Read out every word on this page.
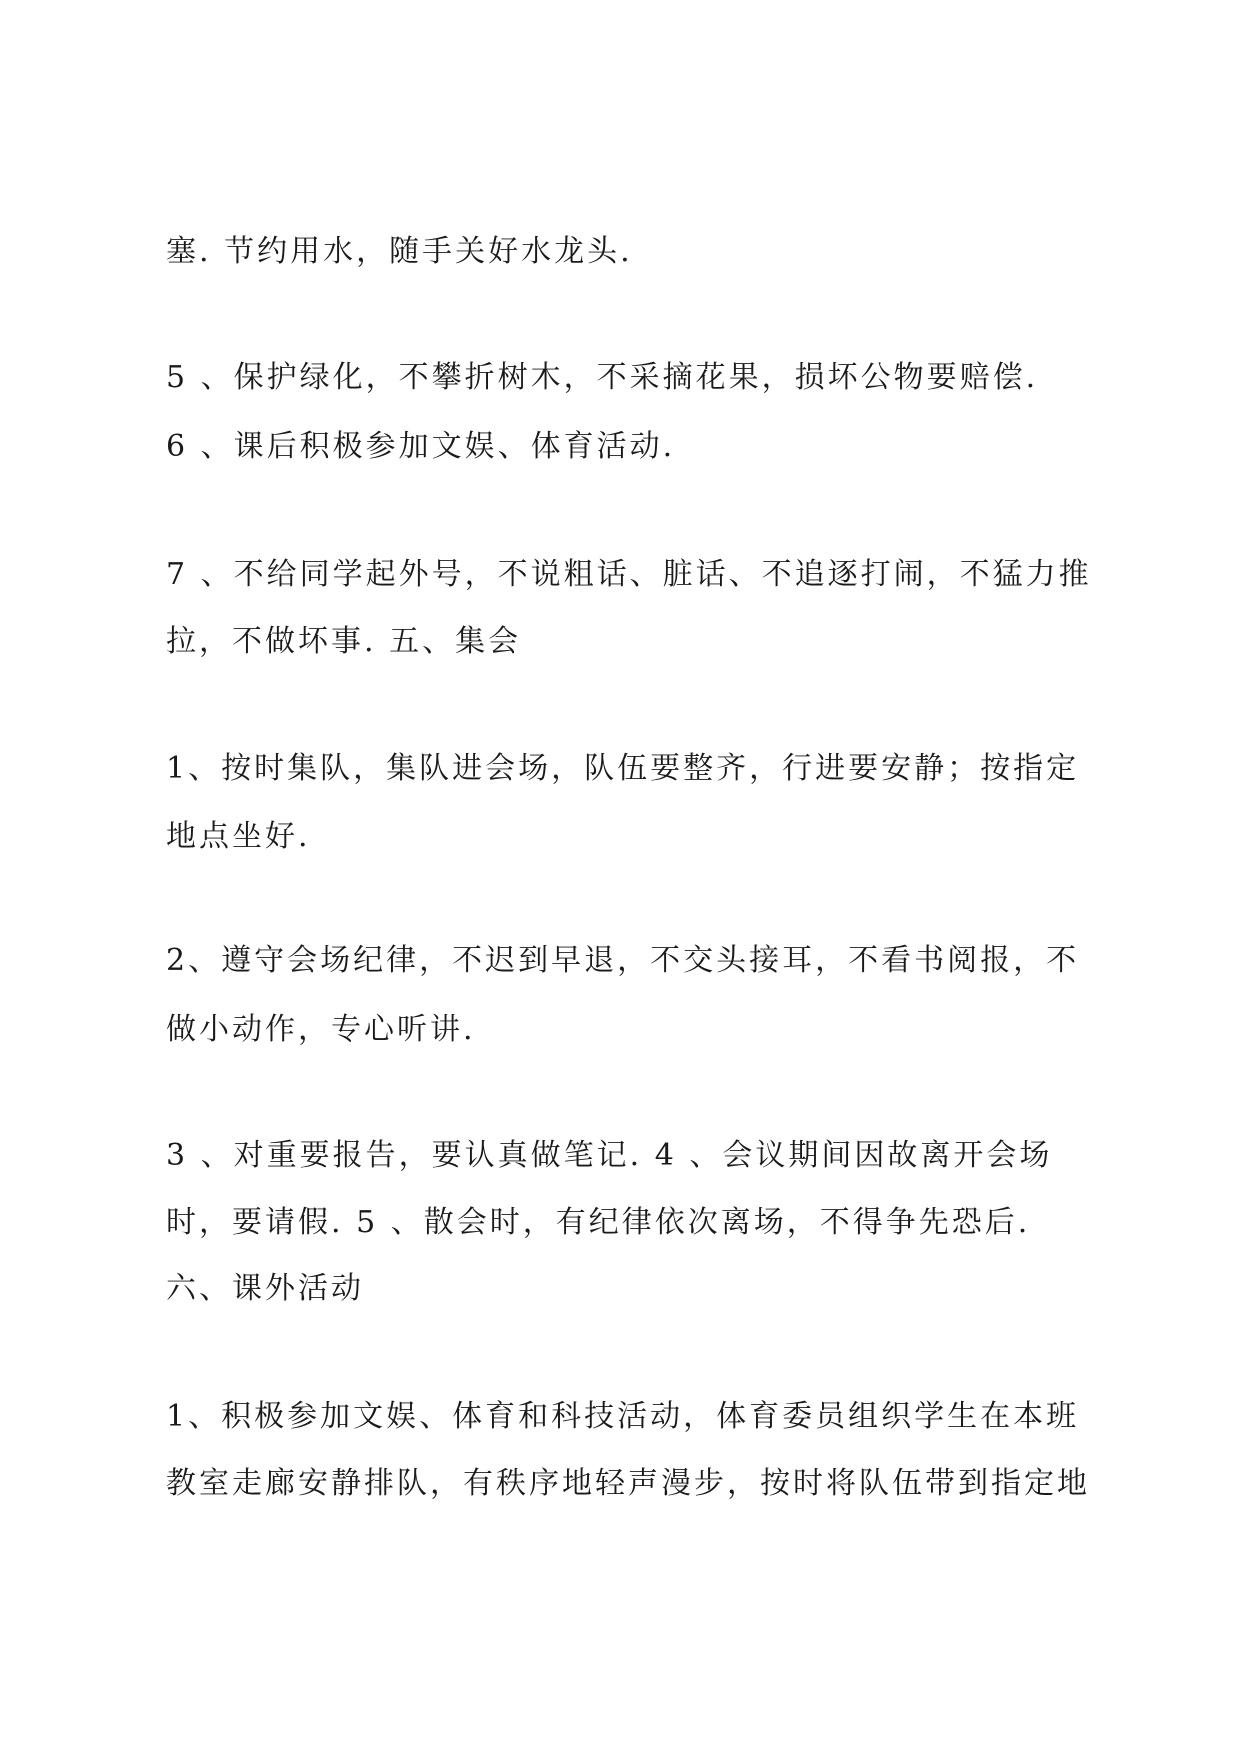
塞. 节约用水，随手关好水龙头.
5 、保护绿化，不攀折树木，不采摘花果，损坏公物要赔偿.
6 、课后积极参加文娱、体育活动.
7 、不给同学起外号，不说粗话、脏话、不追逐打闹，不猛力推
拉，不做坏事. 五、集会
1、按时集队，集队进会场，队伍要整齐，行进要安静；按指定
地点坐好.
2、遵守会场纪律，不迟到早退，不交头接耳，不看书阅报，不
做小动作，专心听讲.
3 、对重要报告，要认真做笔记. 4 、会议期间因故离开会场
时，要请假. 5 、散会时，有纪律依次离场，不得争先恐后.
六、课外活动
1、积极参加文娱、体育和科技活动，体育委员组织学生在本班
教室走廊安静排队，有秩序地轻声漫步，按时将队伍带到指定地
